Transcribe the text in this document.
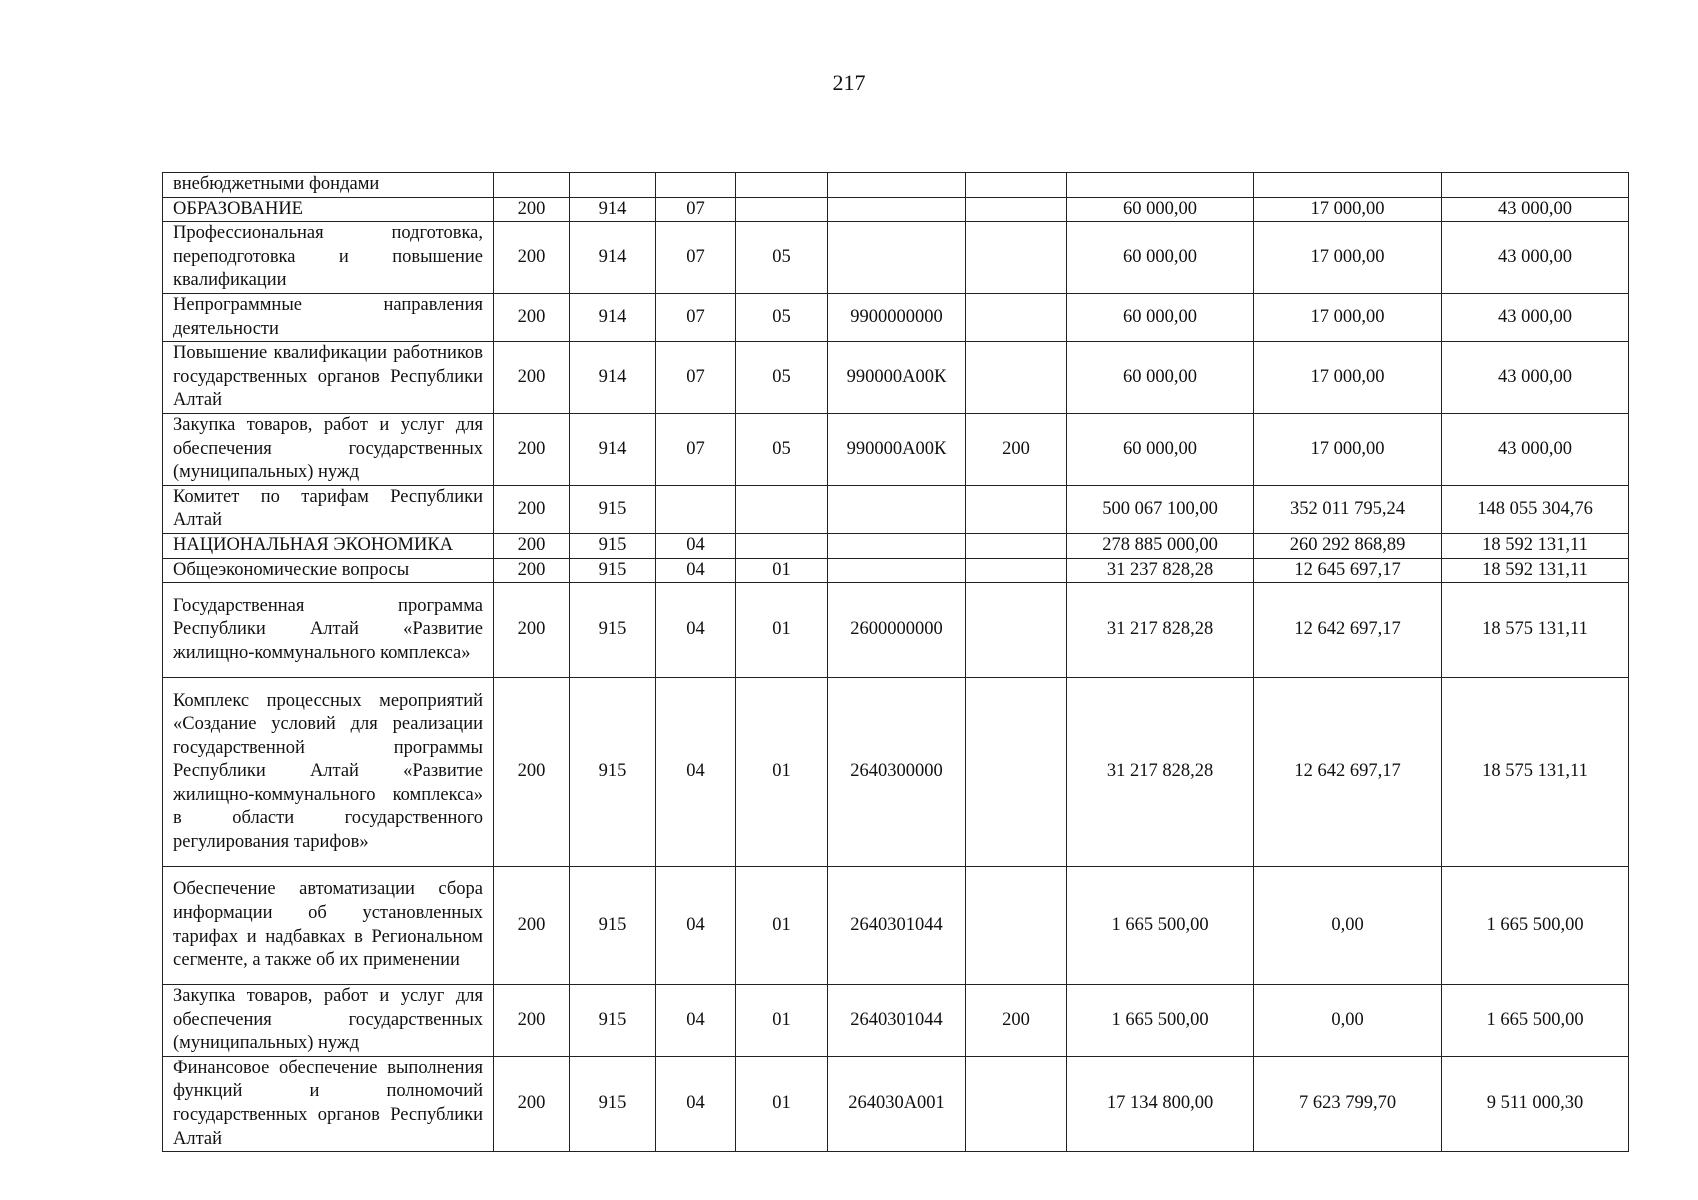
217
внебюджетными фондами									
ОБРАЗОВАНИЕ	200	914	07				60 000,00	17 000,00	43 000,00
Профессиональная подготовка, переподготовка и повышение квалификации	200	914	07	05			60 000,00	17 000,00	43 000,00
Непрограммные направления деятельности	200	914	07	05	9900000000		60 000,00	17 000,00	43 000,00
Повышение квалификации работников государственных органов Республики Алтай	200	914	07	05	990000А00К		60 000,00	17 000,00	43 000,00
Закупка товаров, работ и услуг для обеспечения государственных (муниципальных) нужд	200	914	07	05	990000А00К	200	60 000,00	17 000,00	43 000,00
Комитет по тарифам Республики Алтай	200	915					500 067 100,00	352 011 795,24	148 055 304,76
НАЦИОНАЛЬНАЯ ЭКОНОМИКА	200	915	04				278 885 000,00	260 292 868,89	18 592 131,11
Общеэкономические вопросы	200	915	04	01			31 237 828,28	12 645 697,17	18 592 131,11
Государственная программа Республики Алтай «Развитие жилищно-коммунального комплекса»	200	915	04	01	2600000000		31 217 828,28	12 642 697,17	18 575 131,11
Комплекс процессных мероприятий «Создание условий для реализации государственной программы Республики Алтай «Развитие жилищно-коммунального комплекса» в области государственного регулирования тарифов»	200	915	04	01	2640300000		31 217 828,28	12 642 697,17	18 575 131,11
Обеспечение автоматизации сбора информации об установленных тарифах и надбавках в Региональном сегменте, а также об их применении	200	915	04	01	2640301044		1 665 500,00	0,00	1 665 500,00
Закупка товаров, работ и услуг для обеспечения государственных (муниципальных) нужд	200	915	04	01	2640301044	200	1 665 500,00	0,00	1 665 500,00
Финансовое обеспечение выполнения функций и полномочий государственных органов Республики Алтай	200	915	04	01	264030А001		17 134 800,00	7 623 799,70	9 511 000,30
